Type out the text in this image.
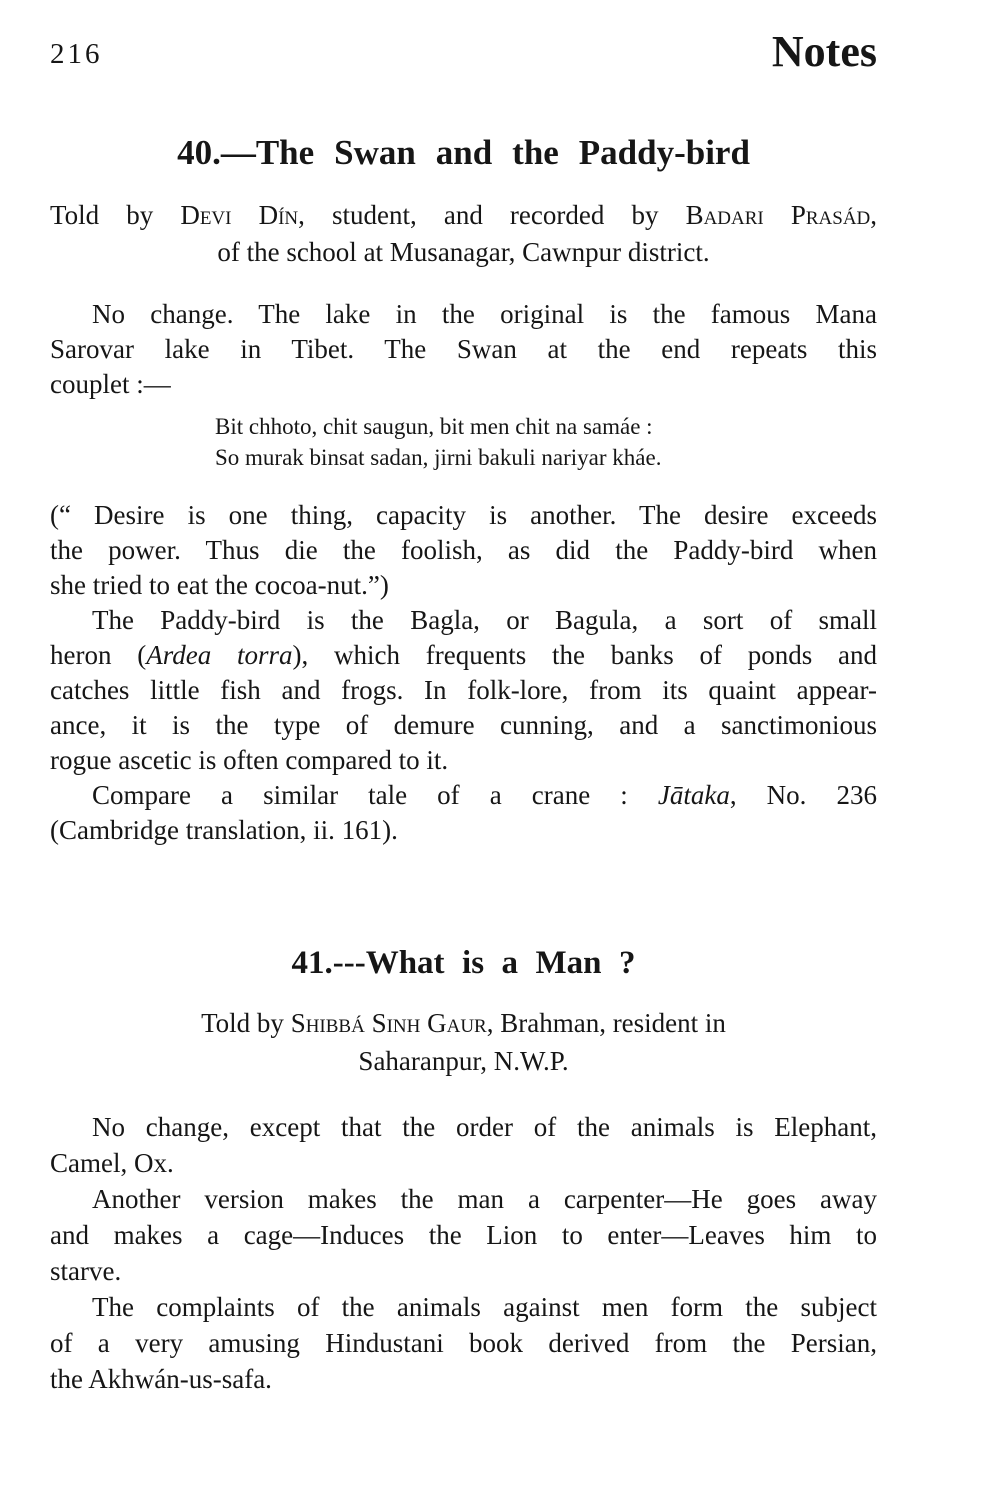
216	Notes
40.—The Swan and the Paddy-bird
Told by Devi Dín, student, and recorded by Badari Prasád,
of the school at Musanagar, Cawnpur district.

No change. The lake in the original is the famous Mana
Sarovar lake in Tibet. The Swan at the end repeats this
couplet :—

Bit chhoto, chit saugun, bit men chit na samáe :
So murak binsat sadan, jirni bakuli nariyar kháe.

(“ Desire is one thing, capacity is another. The desire exceeds
the power. Thus die the foolish, as did the Paddy-bird when
she tried to eat the cocoa-nut.”)

The Paddy-bird is the Bagla, or Bagula, a sort of small
heron (Ardea torra), which frequents the banks of ponds and
catches little fish and frogs. In folk-lore, from its quaint appear-
ance, it is the type of demure cunning, and a sanctimonious
rogue ascetic is often compared to it.

Compare a similar tale of a crane : Jātaka, No. 236
(Cambridge translation, ii. 161).

41.---What is a Man ?
Told by Shibbá Sinh Gaur, Brahman, resident in
Saharanpur, N.W.P.

No change, except that the order of the animals is Elephant,
Camel, Ox.

Another version makes the man a carpenter—He goes away
and makes a cage—Induces the Lion to enter—Leaves him to
starve.

The complaints of the animals against men form the subject
of a very amusing Hindustani book derived from the Persian,
the Akhwán-us-safa.
